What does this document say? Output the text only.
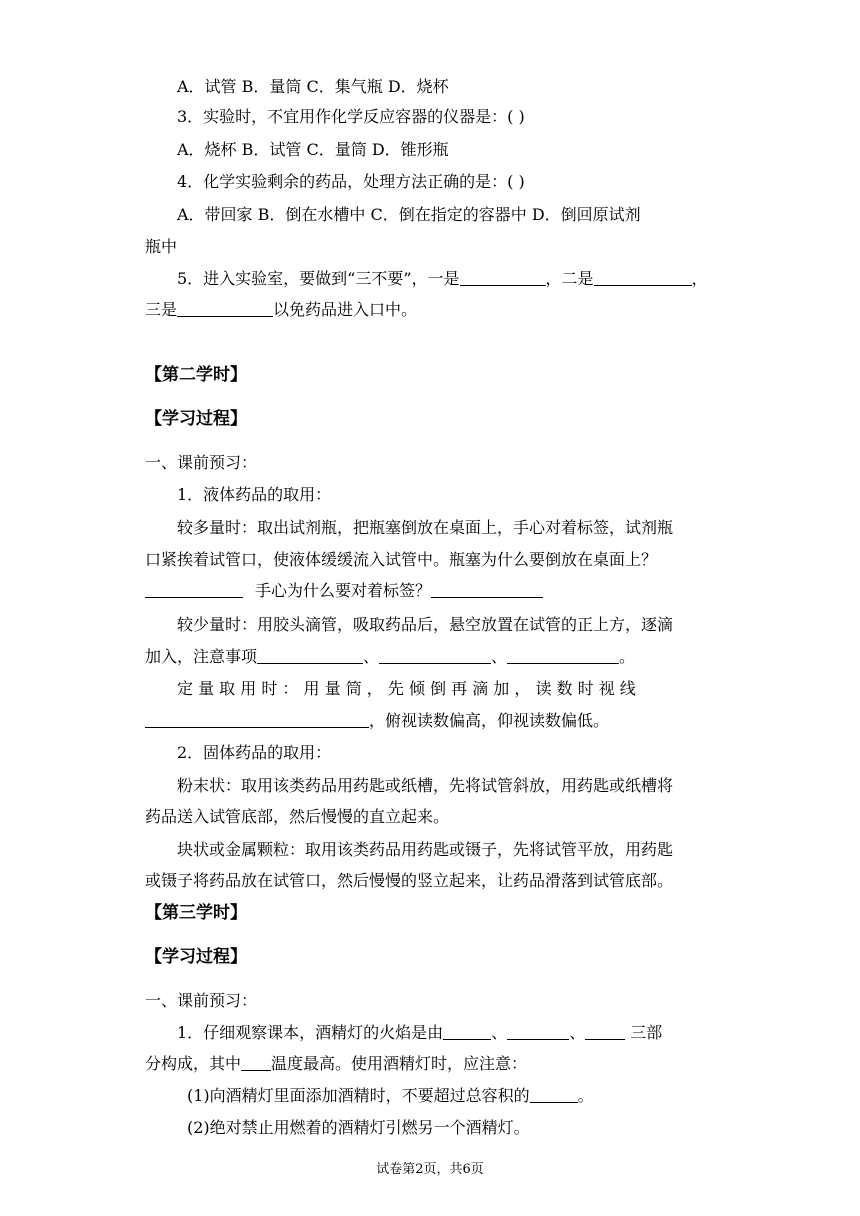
A．试管 B．量筒 C．集气瓶 D．烧杯
3．实验时，不宜用作化学反应容器的仪器是：( )
A．烧杯 B．试管 C．量筒 D．锥形瓶
4．化学实验剩余的药品，处理方法正确的是：( )
A．带回家 B．倒在水槽中 C．倒在指定的容器中 D．倒回原试剂
瓶中
5．进入实验室，要做到“三不要”，一是	，二是	，
三是	以免药品进入口中。
【第二学时】
【学习过程】
一、课前预习：
1．液体药品的取用：
较多量时：取出试剂瓶，把瓶塞倒放在桌面上，手心对着标签，试剂瓶
口紧挨着试管口，使液体缓缓流入试管中。瓶塞为什么要倒放在桌面上？
手心为什么要对着标签？
较少量时：用胶头滴管，吸取药品后，悬空放置在试管的正上方，逐滴
加入，注意事项	、	、	。
定 量 取 用 时 ： 用 量 筒 ， 先 倾 倒 再 滴 加 ， 读 数 时 视 线
，俯视读数偏高，仰视读数偏低。
2．固体药品的取用：
粉末状：取用该类药品用药匙或纸槽，先将试管斜放，用药匙或纸槽将
药品送入试管底部，然后慢慢的直立起来。
块状或金属颗粒：取用该类药品用药匙或镊子，先将试管平放，用药匙
或镊子将药品放在试管口，然后慢慢的竖立起来，让药品滑落到试管底部。
【第三学时】
【学习过程】
一、课前预习：
1．仔细观察课本，酒精灯的火焰是由	、	、	三部
分构成，其中 温度最高。使用酒精灯时，应注意：
(1)向酒精灯里面添加酒精时，不要超过总容积的	。
(2)绝对禁止用燃着的酒精灯引燃另一个酒精灯。
试卷第2页，共6页
